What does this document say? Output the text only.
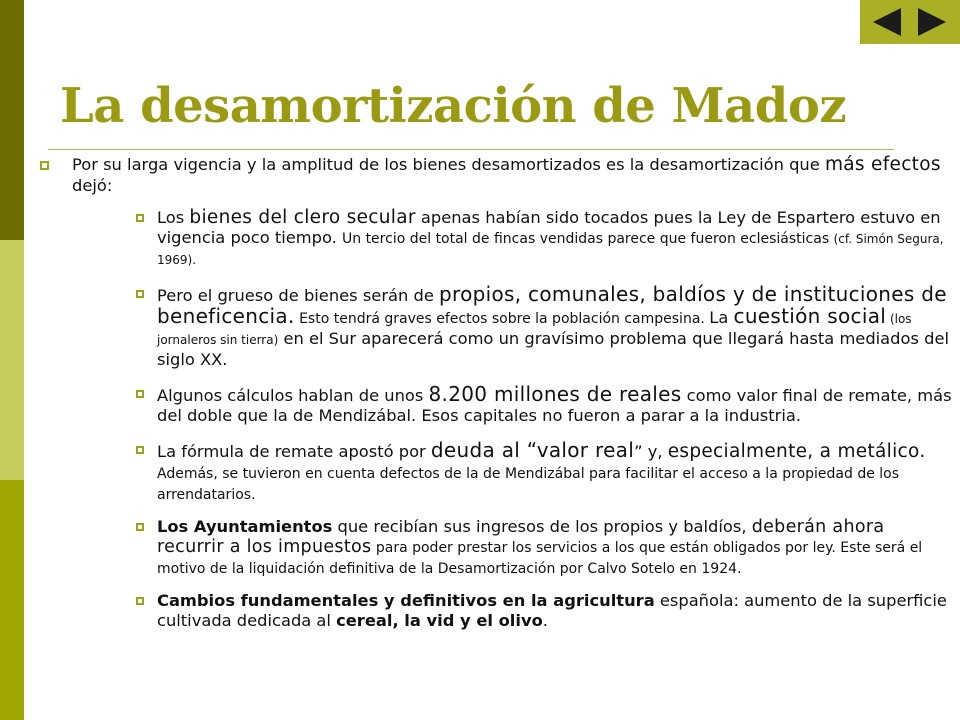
La desamortización de Madoz
Por su larga vigencia y la amplitud de los bienes desamortizados es la desamortización que más efectos dejó:
Los bienes del clero secular apenas habían sido tocados pues la Ley de Espartero estuvo en vigencia poco tiempo. Un tercio del total de fincas vendidas parece que fueron eclesiásticas (cf. Simón Segura, 1969).
Pero el grueso de bienes serán de propios, comunales, baldíos y de instituciones de beneficencia. Esto tendrá graves efectos sobre la población campesina. La cuestión social (los jornaleros sin tierra) en el Sur aparecerá como un gravísimo problema que llegará hasta mediados del siglo XX.
Algunos cálculos hablan de unos 8.200 millones de reales como valor final de remate, más del doble que la de Mendizábal. Esos capitales no fueron a parar a la industria.
La fórmula de remate apostó por deuda al “valor real” y, especialmente, a metálico. Además, se tuvieron en cuenta defectos de la de Mendizábal para facilitar el acceso a la propiedad de los arrendatarios.
Los Ayuntamientos que recibían sus ingresos de los propios y baldíos, deberán ahora recurrir a los impuestos para poder prestar los servicios a los que están obligados por ley. Este será el motivo de la liquidación definitiva de la Desamortización por Calvo Sotelo en 1924.
Cambios fundamentales y definitivos en la agricultura española: aumento de la superficie cultivada dedicada al cereal, la vid y el olivo.
